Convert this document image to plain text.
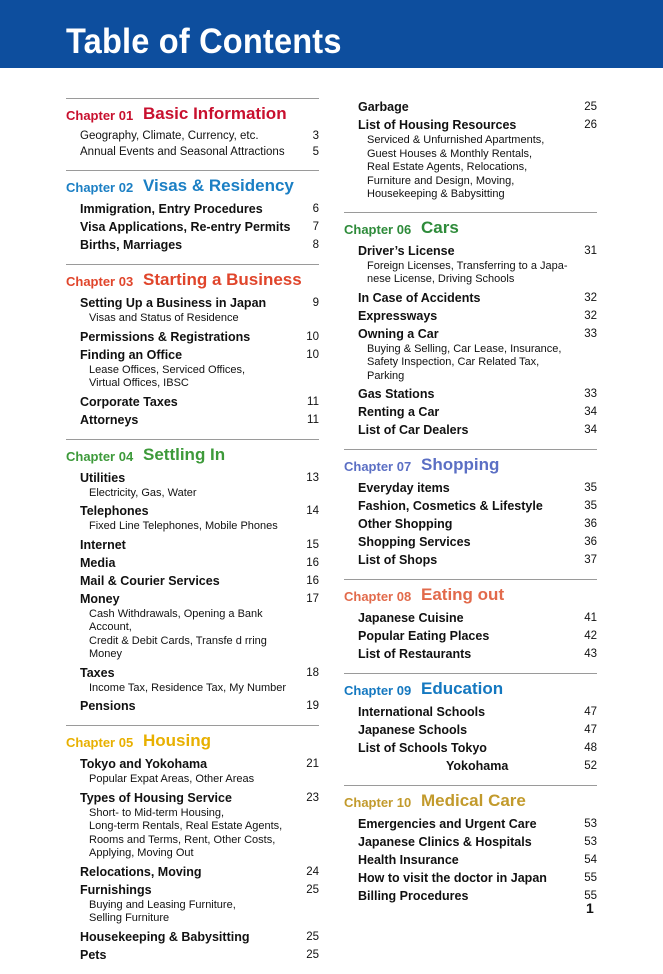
Table of Contents
Chapter 01 Basic Information
Geography, Climate, Currency, etc.	3
Annual Events and Seasonal Attractions	5
Chapter 02 Visas & Residency
Immigration, Entry Procedures	6
Visa Applications, Re-entry Permits 7
Births, Marriages	8
Chapter 03 Starting a Business
Setting Up a Business in Japan	9
Visas and Status of Residence
Permissions & Registrations	10
Finding an Office	10
Lease Offices, Serviced Offices,
Virtual Offices, IBSC
Corporate Taxes	11
Attorneys	11
Chapter 04 Settling In
Utilities	13
Electricity, Gas, Water
Telephones	14
Fixed Line Telephones, Mobile Phones
Internet	15
Media	16
Mail & Courier Services	16
Money	17
Cash Withdrawals, Opening a Bank Account,
Credit & Debit Cards, Transfe d rring Money
Taxes	18
Income Tax, Residence Tax, My Number
Pensions	19
Chapter 05 Housing
Tokyo and Yokohama	21
Popular Expat Areas, Other Areas
Types of Housing Service	23
Short- to Mid-term Housing,
Long-term Rentals, Real Estate Agents,
Rooms and Terms, Rent, Other Costs,
Applying, Moving Out
Relocations, Moving	24
Furnishings	25
Buying and Leasing Furniture,
Selling Furniture
Housekeeping & Babysitting	25
Pets	25
Garbage	25
List of Housing Resources	26
Serviced & Unfurnished Apartments,
Guest Houses & Monthly Rentals,
Real Estate Agents, Relocations,
Furniture and Design, Moving,
Housekeeping & Babysitting
Chapter 06 Cars
Driver’s License	31
Foreign Licenses, Transferring to a Japa-
nese License, Driving Schools
In Case of Accidents	32
Expressways	32
Owning a Car	33
Buying & Selling, Car Lease, Insurance,
Safety Inspection, Car Related Tax,
Parking
Gas Stations	33
Renting a Car	34
List of Car Dealers	34
Chapter 07 Shopping
Everyday items	35
Fashion, Cosmetics & Lifestyle	35
Other Shopping	36
Shopping Services	36
List of Shops	37
Chapter 08 Eating out
Japanese Cuisine	41
Popular Eating Places	42
List of Restaurants	43
Chapter 09 Education
International Schools	47
Japanese Schools	47
List of Schools Tokyo	48
Yokohama	52
Chapter 10 Medical Care
Emergencies and Urgent Care	53
Japanese Clinics & Hospitals	53
Health Insurance	54
How to visit the doctor in Japan	55
Billing Procedures	55
1
